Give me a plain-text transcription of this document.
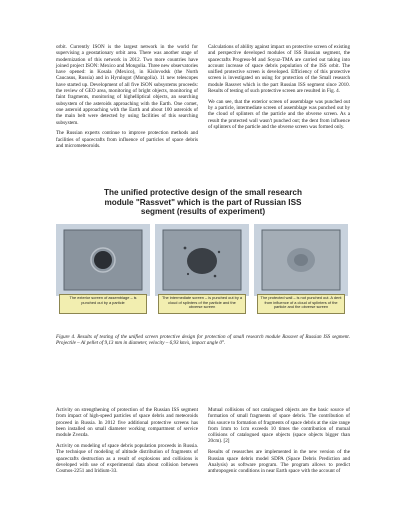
orbit. Currently ISON is the largest network in the world for supervising a geostationary orbit area. There was another stage of modernization of this network in 2012. Two more countries have joined project ISON: Mexico and Mongolia. Three new observatories have opened: in Kosala (Mexico), in Kislovodsk (the North Caucasus, Russia) and in Hyrulogot (Mongolia). 11 new telescopes have started up. Development of all five ISON subsystems proceeds: the review of GEO area, monitoring of bright objects, monitoring of faint fragments, monitoring of highelliptical objects, an searching subsystem of the asteroids approaching with the Earth. One comet, one asteroid approaching with the Earth and about 100 asteroids of the main belt were detected by using facilities of this searching subsystem.

The Russian experts continue to improve protection methods and facilities of spacecrafts from influence of particles of space debris and micrometeoroids.

Calculations of ability against impact on protective screen of existing and perspective developed modules of ISS Russian segment, the spacecrafts Progress-M and Soyuz-TMA are carried out taking into account increase of space debris population of the ISS orbit. The unified protective screen is developed. Efficiency of this protective screen is investigated on using for protection of the Small research module Rassvet which is the part Russian ISS segment since 2010. Results of testing of such protective screen are resulted in Fig. 4.

We can see, that the exterior screen of assemblage was punched out by a particle, intermediate screen of assemblage was punched out by the cloud of splinters of the particle and the obverse screen. As a result the protected wall wasn't punched out; the dent from influence of splinters of the particle and the obverse screen was formed only.

The unified protective design of the small research
module "Rassvet" which is the part of Russian ISS
segment (results of experiment)
The exterior screen of assemblage – is punched out by a particle
The intermediate screen – is punched out by a cloud of splinters of the particle and the obverse screen
The protected wall – is not punched out. A dent from influence of a cloud of splinters of the particle and the obverse screen
Figure 4. Results of testing of the unified screen protective design for protection of small research module Rassvet of Russian ISS segment. Projectile – Al pellet of 9,13 mm in diameter, velocity – 6,93 km/s, impact angle 0°.

Activity on strengthening of protection of the Russian ISS segment from impact of high-speed particles of space debris and meteoroids proceed in Russia. In 2012 five additional protective screens has been installed on small diameter working compartment of service module Zvezda.

Activity on modeling of space debris population proceeds in Russia. The technique of modeling of altitude distribution of fragments of spacecrafts destruction as a result of explosions and collisions is developed with use of experimental data about collision between Cosmos-2251 and Iridium-33.

Mutual collisions of not catalogued objects are the basic source of formation of small fragments of space debris. The contribution of this source to formation of fragments of space debris at the size range from 1mm to 1cm exceeds 10 times the contribution of mutual collisions of catalogued space objects (space objects bigger than 20cm). [2]

Results of researches are implemented in the new version of the Russian space debris model SDPA (Space Debris Prediction and Analysis) as software program. The program allows to predict anthropogenic conditions in near Earth space with the account of
